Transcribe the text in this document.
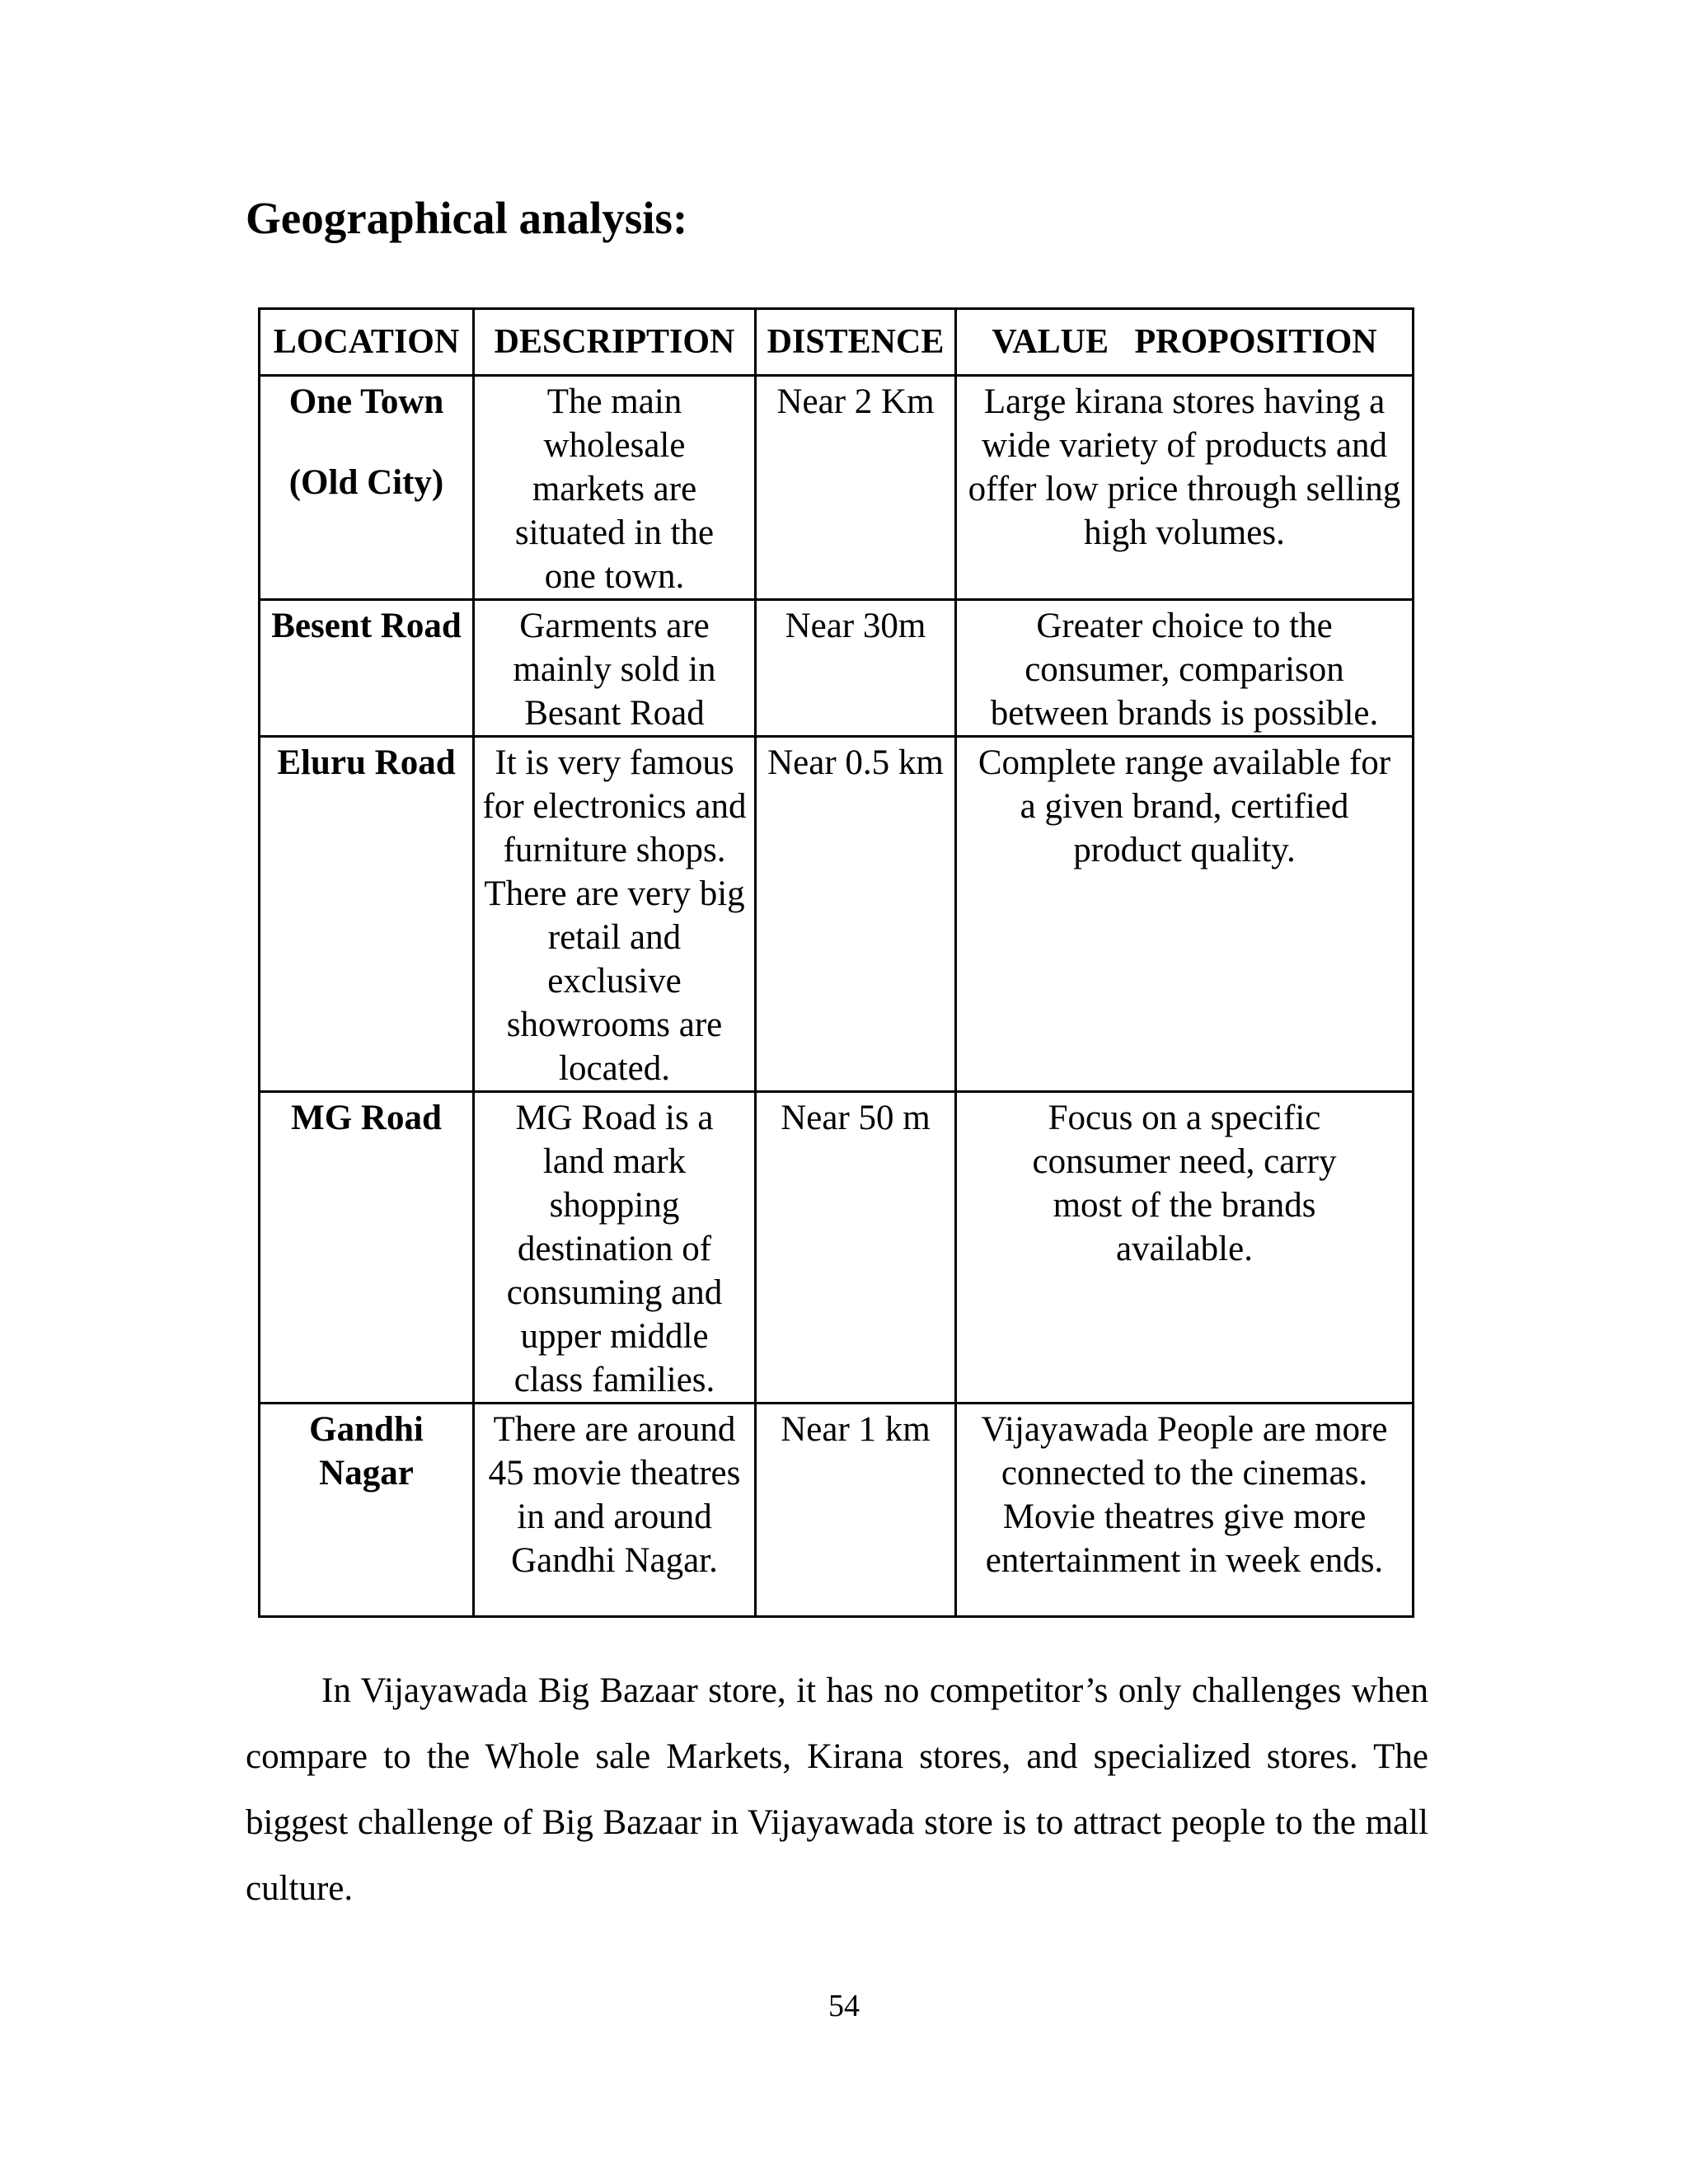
Geographical analysis:
LOCATION	DESCRIPTION	DISTENCE	VALUE   PROPOSITION

One Town
(Old City)	The main wholesale markets are situated in the one town.	Near 2 Km	Large kirana stores having a wide variety of products and offer low price through selling high volumes.

Besent Road	Garments are mainly sold in Besant Road	Near 30m	Greater choice to the consumer, comparison between brands is possible.

Eluru Road	It is very famous for electronics and furniture shops. There are very big retail and exclusive showrooms are located.	Near 0.5 km	Complete range available for a given brand, certified product quality.

MG Road	MG Road is a land mark shopping destination of consuming and upper middle class families.	Near 50 m	Focus on a specific consumer need, carry most of the brands available.

Gandhi Nagar	There are around 45 movie theatres in and around Gandhi Nagar.	Near 1 km	Vijayawada People are more connected to the cinemas. Movie theatres give more entertainment in week ends.

In Vijayawada Big Bazaar store, it has no competitor’s only challenges when compare to the Whole sale Markets, Kirana stores, and specialized stores. The biggest challenge of Big Bazaar in Vijayawada store is to attract people to the mall culture.

54
